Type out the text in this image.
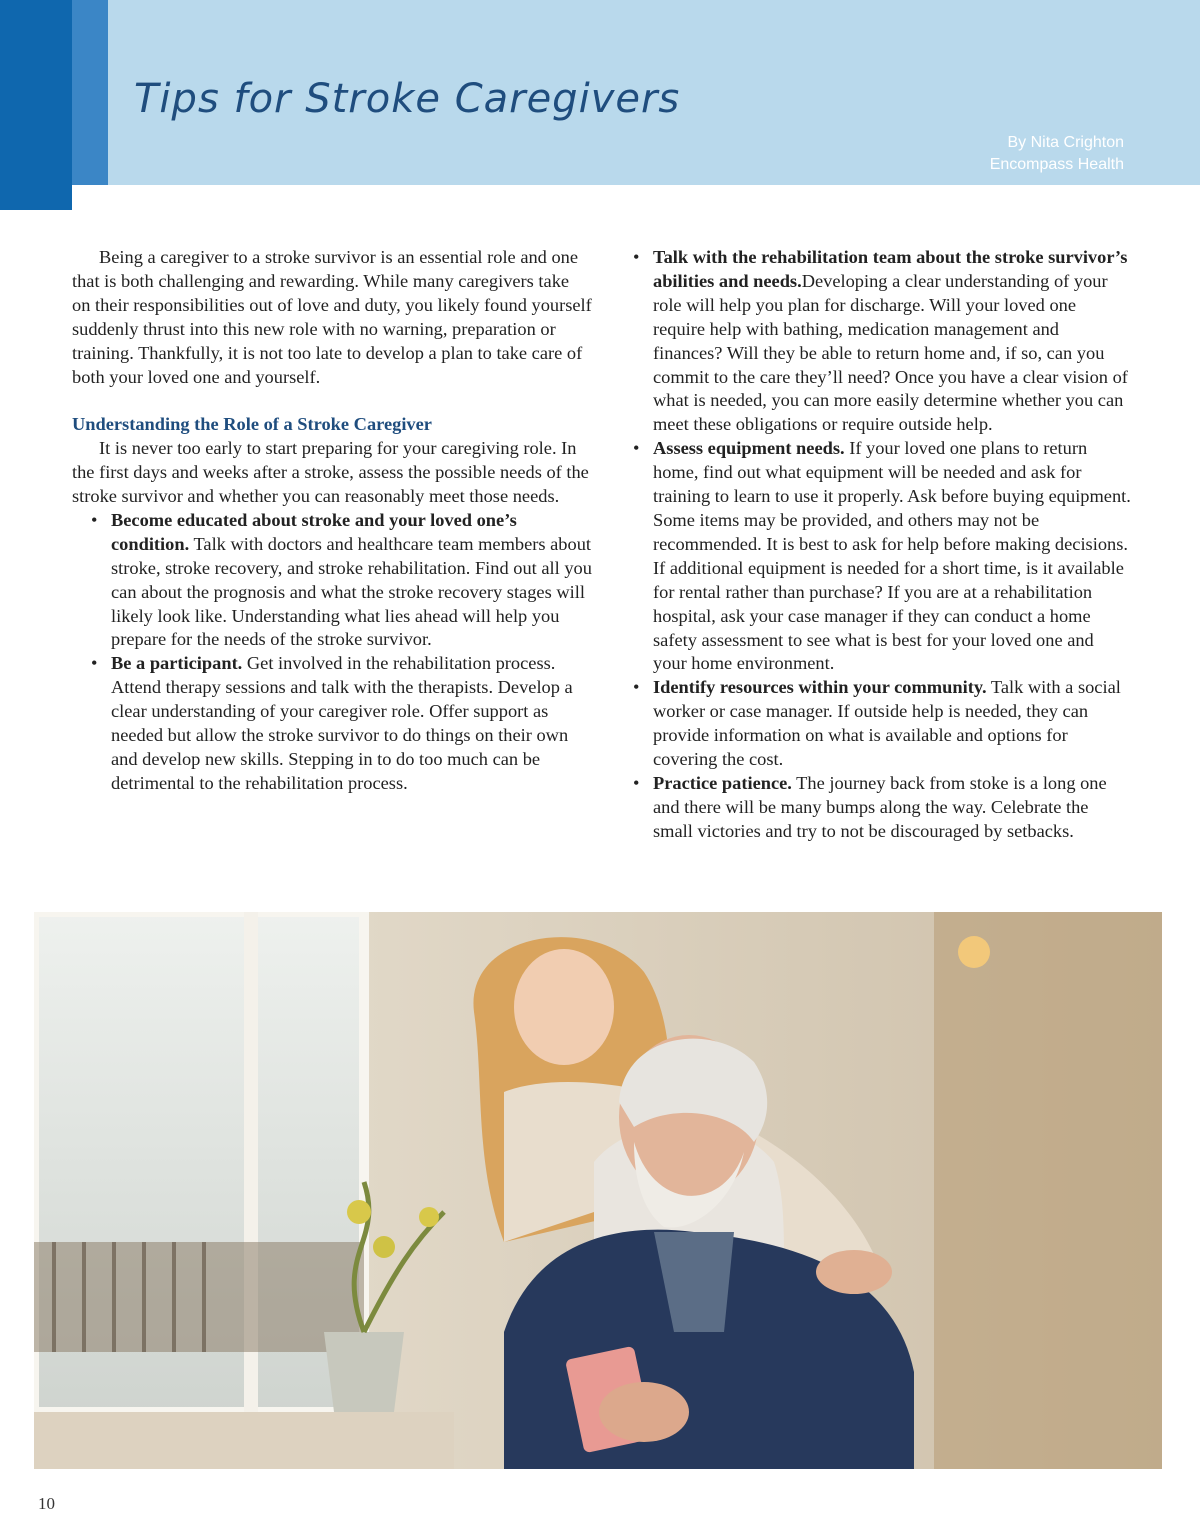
Tips for Stroke Caregivers
By Nita Crighton
Encompass Health

Being a caregiver to a stroke survivor is an essential role and one that is both challenging and rewarding. While many caregivers take on their responsibilities out of love and duty, you likely found yourself suddenly thrust into this new role with no warning, preparation or training. Thankfully, it is not too late to develop a plan to take care of both your loved one and yourself.

Understanding the Role of a Stroke Caregiver

It is never too early to start preparing for your caregiving role. In the first days and weeks after a stroke, assess the possible needs of the stroke survivor and whether you can reasonably meet those needs.

• Become educated about stroke and your loved one’s condition. Talk with doctors and healthcare team members about stroke, stroke recovery, and stroke rehabilitation. Find out all you can about the prognosis and what the stroke recovery stages will likely look like. Understanding what lies ahead will help you prepare for the needs of the stroke survivor.
• Be a participant. Get involved in the rehabilitation process. Attend therapy sessions and talk with the therapists. Develop a clear understanding of your caregiver role. Offer support as needed but allow the stroke survivor to do things on their own and develop new skills. Stepping in to do too much can be detrimental to the rehabilitation process.
• Talk with the rehabilitation team about the stroke survivor’s abilities and needs.Developing a clear understanding of your role will help you plan for discharge. Will your loved one require help with bathing, medication management and finances? Will they be able to return home and, if so, can you commit to the care they’ll need? Once you have a clear vision of what is needed, you can more easily determine whether you can meet these obligations or require outside help.
• Assess equipment needs. If your loved one plans to return home, find out what equipment will be needed and ask for training to learn to use it properly. Ask before buying equipment. Some items may be provided, and others may not be recommended. It is best to ask for help before making decisions. If additional equipment is needed for a short time, is it available for rental rather than purchase? If you are at a rehabilitation hospital, ask your case manager if they can conduct a home safety assessment to see what is best for your loved one and your home environment.
• Identify resources within your community. Talk with a social worker or case manager. If outside help is needed, they can provide information on what is available and options for covering the cost.
• Practice patience. The journey back from stoke is a long one and there will be many bumps along the way. Celebrate the small victories and try to not be discouraged by setbacks.
10
